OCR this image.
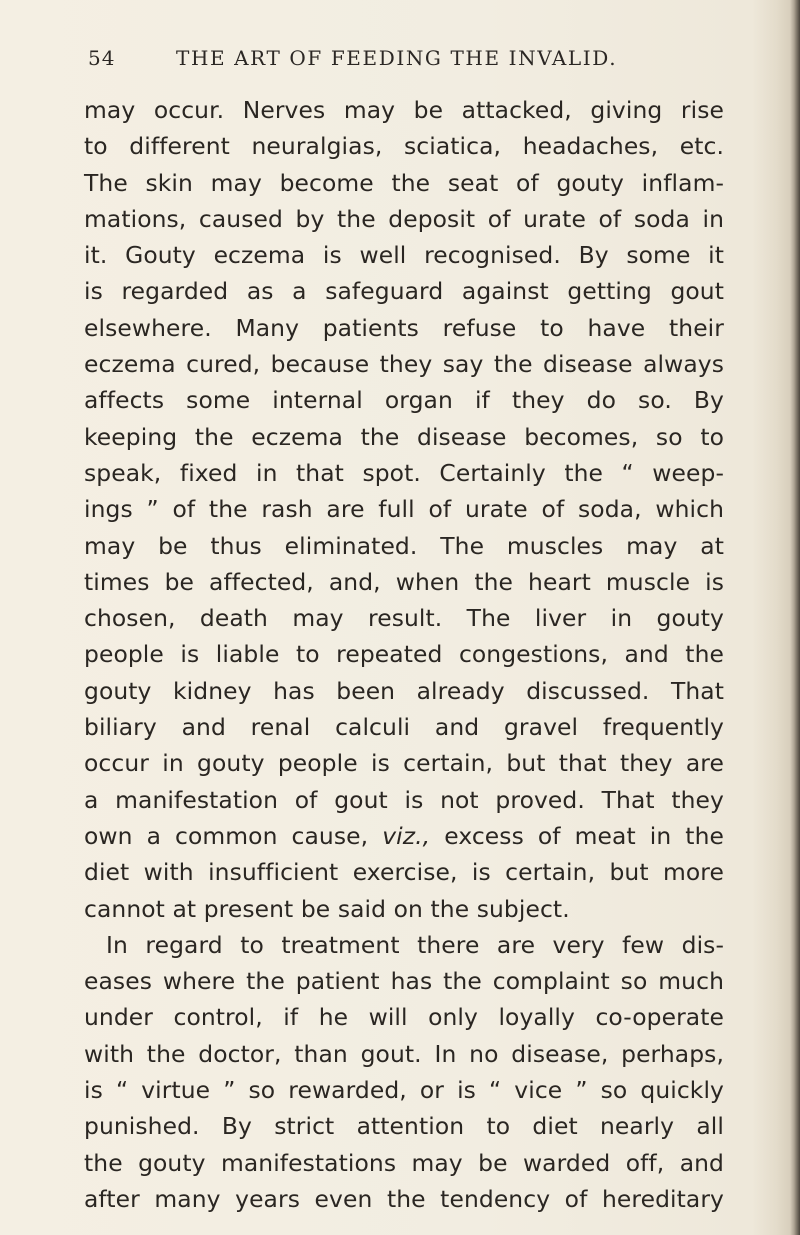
54	THE ART OF FEEDING THE INVALID.
may occur. Nerves may be attacked, giving rise
to different neuralgias, sciatica, headaches, etc.
The skin may become the seat of gouty inflam-
mations, caused by the deposit of urate of soda in
it. Gouty eczema is well recognised. By some it
is regarded as a safeguard against getting gout
elsewhere. Many patients refuse to have their
eczema cured, because they say the disease always
affects some internal organ if they do so. By
keeping the eczema the disease becomes, so to
speak, fixed in that spot. Certainly the “ weep-
ings ” of the rash are full of urate of soda, which
may be thus eliminated. The muscles may at
times be affected, and, when the heart muscle is
chosen, death may result. The liver in gouty
people is liable to repeated congestions, and the
gouty kidney has been already discussed. That
biliary and renal calculi and gravel frequently
occur in gouty people is certain, but that they are
a manifestation of gout is not proved. That they
own a common cause, viz., excess of meat in the
diet with insufficient exercise, is certain, but more
cannot at present be said on the subject.
In regard to treatment there are very few dis-
eases where the patient has the complaint so much
under control, if he will only loyally co-operate
with the doctor, than gout. In no disease, perhaps,
is “ virtue ” so rewarded, or is “ vice ” so quickly
punished. By strict attention to diet nearly all
the gouty manifestations may be warded off, and
after many years even the tendency of hereditary
